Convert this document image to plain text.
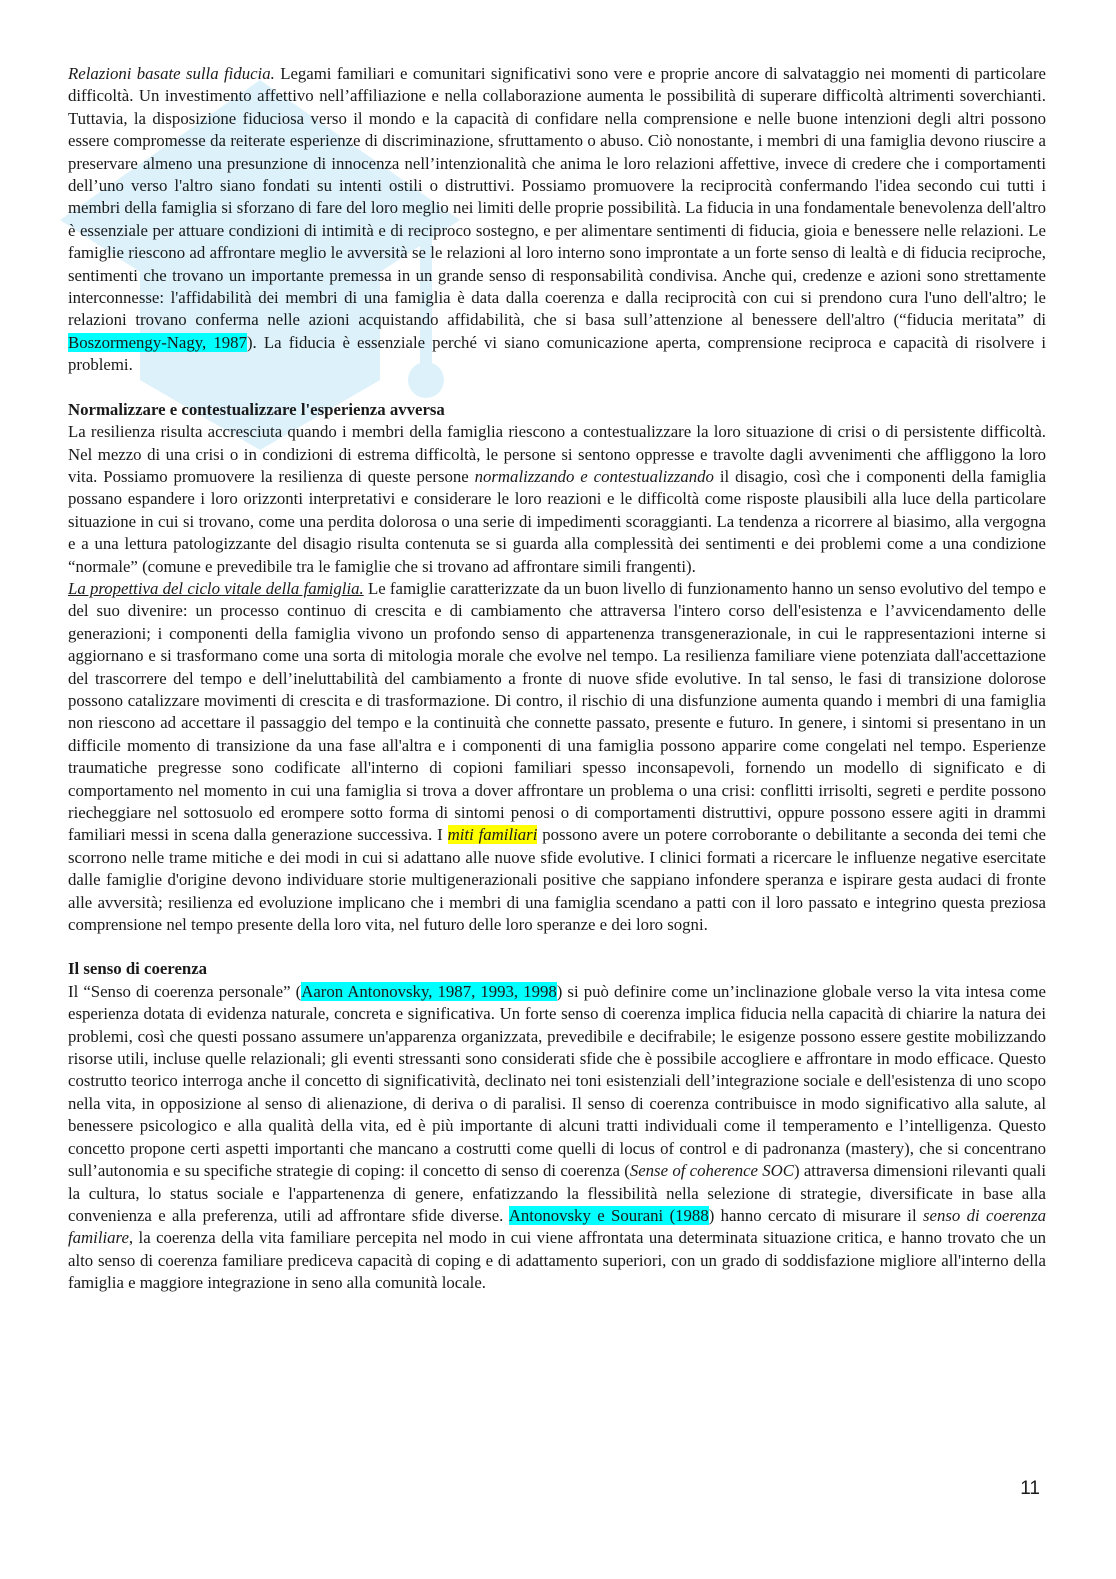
Relazioni basate sulla fiducia. Legami familiari e comunitari significativi sono vere e proprie ancore di salvataggio nei momenti di particolare difficoltà. Un investimento affettivo nell’affiliazione e nella collaborazione aumenta le possibilità di superare difficoltà altrimenti soverchianti. Tuttavia, la disposizione fiduciosa verso il mondo e la capacità di confidare nella comprensione e nelle buone intenzioni degli altri possono essere compromesse da reiterate esperienze di discriminazione, sfruttamento o abuso. Ciò nonostante, i membri di una famiglia devono riuscire a preservare almeno una presunzione di innocenza nell’intenzionalità che anima le loro relazioni affettive, invece di credere che i comportamenti dell’uno verso l'altro siano fondati su intenti ostili o distruttivi. Possiamo promuovere la reciprocità confermando l'idea secondo cui tutti i membri della famiglia si sforzano di fare del loro meglio nei limiti delle proprie possibilità. La fiducia in una fondamentale benevolenza dell'altro è essenziale per attuare condizioni di intimità e di reciproco sostegno, e per alimentare sentimenti di fiducia, gioia e benessere nelle relazioni. Le famiglie riescono ad affrontare meglio le avversità se le relazioni al loro interno sono improntate a un forte senso di lealtà e di fiducia reciproche, sentimenti che trovano un importante premessa in un grande senso di responsabilità condivisa. Anche qui, credenze e azioni sono strettamente interconnesse: l'affidabilità dei membri di una famiglia è data dalla coerenza e dalla reciprocità con cui si prendono cura l'uno dell'altro; le relazioni trovano conferma nelle azioni acquistando affidabilità, che si basa sull’attenzione al benessere dell'altro (“fiducia meritata” di Boszormengy-Nagy, 1987). La fiducia è essenziale perché vi siano comunicazione aperta, comprensione reciproca e capacità di risolvere i problemi.

Normalizzare e contestualizzare l'esperienza avversa

La resilienza risulta accresciuta quando i membri della famiglia riescono a contestualizzare la loro situazione di crisi o di persistente difficoltà. Nel mezzo di una crisi o in condizioni di estrema difficoltà, le persone si sentono oppresse e travolte dagli avvenimenti che affliggono la loro vita. Possiamo promuovere la resilienza di queste persone normalizzando e contestualizzando il disagio, così che i componenti della famiglia possano espandere i loro orizzonti interpretativi e considerare le loro reazioni e le difficoltà come risposte plausibili alla luce della particolare situazione in cui si trovano, come una perdita dolorosa o una serie di impedimenti scoraggianti. La tendenza a ricorrere al biasimo, alla vergogna e a una lettura patologizzante del disagio risulta contenuta se si guarda alla complessità dei sentimenti e dei problemi come a una condizione “normale” (comune e prevedibile tra le famiglie che si trovano ad affrontare simili frangenti).

La propettiva del ciclo vitale della famiglia. Le famiglie caratterizzate da un buon livello di funzionamento hanno un senso evolutivo del tempo e del suo divenire: un processo continuo di crescita e di cambiamento che attraversa l'intero corso dell'esistenza e l’avvicendamento delle generazioni; i componenti della famiglia vivono un profondo senso di appartenenza transgenerazionale, in cui le rappresentazioni interne si aggiornano e si trasformano come una sorta di mitologia morale che evolve nel tempo. La resilienza familiare viene potenziata dall'accettazione del trascorrere del tempo e dell’ineluttabilità del cambiamento a fronte di nuove sfide evolutive. In tal senso, le fasi di transizione dolorose possono catalizzare movimenti di crescita e di trasformazione. Di contro, il rischio di una disfunzione aumenta quando i membri di una famiglia non riescono ad accettare il passaggio del tempo e la continuità che connette passato, presente e futuro. In genere, i sintomi si presentano in un difficile momento di transizione da una fase all'altra e i componenti di una famiglia possono apparire come congelati nel tempo. Esperienze traumatiche pregresse sono codificate all'interno di copioni familiari spesso inconsapevoli, fornendo un modello di significato e di comportamento nel momento in cui una famiglia si trova a dover affrontare un problema o una crisi: conflitti irrisolti, segreti e perdite possono riecheggiare nel sottosuolo ed erompere sotto forma di sintomi penosi o di comportamenti distruttivi, oppure possono essere agiti in drammi familiari messi in scena dalla generazione successiva. I miti familiari possono avere un potere corroborante o debilitante a seconda dei temi che scorrono nelle trame mitiche e dei modi in cui si adattano alle nuove sfide evolutive. I clinici formati a ricercare le influenze negative esercitate dalle famiglie d'origine devono individuare storie multigenerazionali positive che sappiano infondere speranza e ispirare gesta audaci di fronte alle avversità; resilienza ed evoluzione implicano che i membri di una famiglia scendano a patti con il loro passato e integrino questa preziosa comprensione nel tempo presente della loro vita, nel futuro delle loro speranze e dei loro sogni.

Il senso di coerenza

Il “Senso di coerenza personale” (Aaron Antonovsky, 1987, 1993, 1998) si può definire come un’inclinazione globale verso la vita intesa come esperienza dotata di evidenza naturale, concreta e significativa. Un forte senso di coerenza implica fiducia nella capacità di chiarire la natura dei problemi, così che questi possano assumere un'apparenza organizzata, prevedibile e decifrabile; le esigenze possono essere gestite mobilizzando risorse utili, incluse quelle relazionali; gli eventi stressanti sono considerati sfide che è possibile accogliere e affrontare in modo efficace. Questo costrutto teorico interroga anche il concetto di significatività, declinato nei toni esistenziali dell’integrazione sociale e dell'esistenza di uno scopo nella vita, in opposizione al senso di alienazione, di deriva o di paralisi. Il senso di coerenza contribuisce in modo significativo alla salute, al benessere psicologico e alla qualità della vita, ed è più importante di alcuni tratti individuali come il temperamento e l’intelligenza. Questo concetto propone certi aspetti importanti che mancano a costrutti come quelli di locus of control e di padronanza (mastery), che si concentrano sull’autonomia e su specifiche strategie di coping: il concetto di senso di coerenza (Sense of coherence SOC) attraversa dimensioni rilevanti quali la cultura, lo status sociale e l'appartenenza di genere, enfatizzando la flessibilità nella selezione di strategie, diversificate in base alla convenienza e alla preferenza, utili ad affrontare sfide diverse. Antonovsky e Sourani (1988) hanno cercato di misurare il senso di coerenza familiare, la coerenza della vita familiare percepita nel modo in cui viene affrontata una determinata situazione critica, e hanno trovato che un alto senso di coerenza familiare prediceva capacità di coping e di adattamento superiori, con un grado di soddisfazione migliore all'interno della famiglia e maggiore integrazione in seno alla comunità locale.

11
